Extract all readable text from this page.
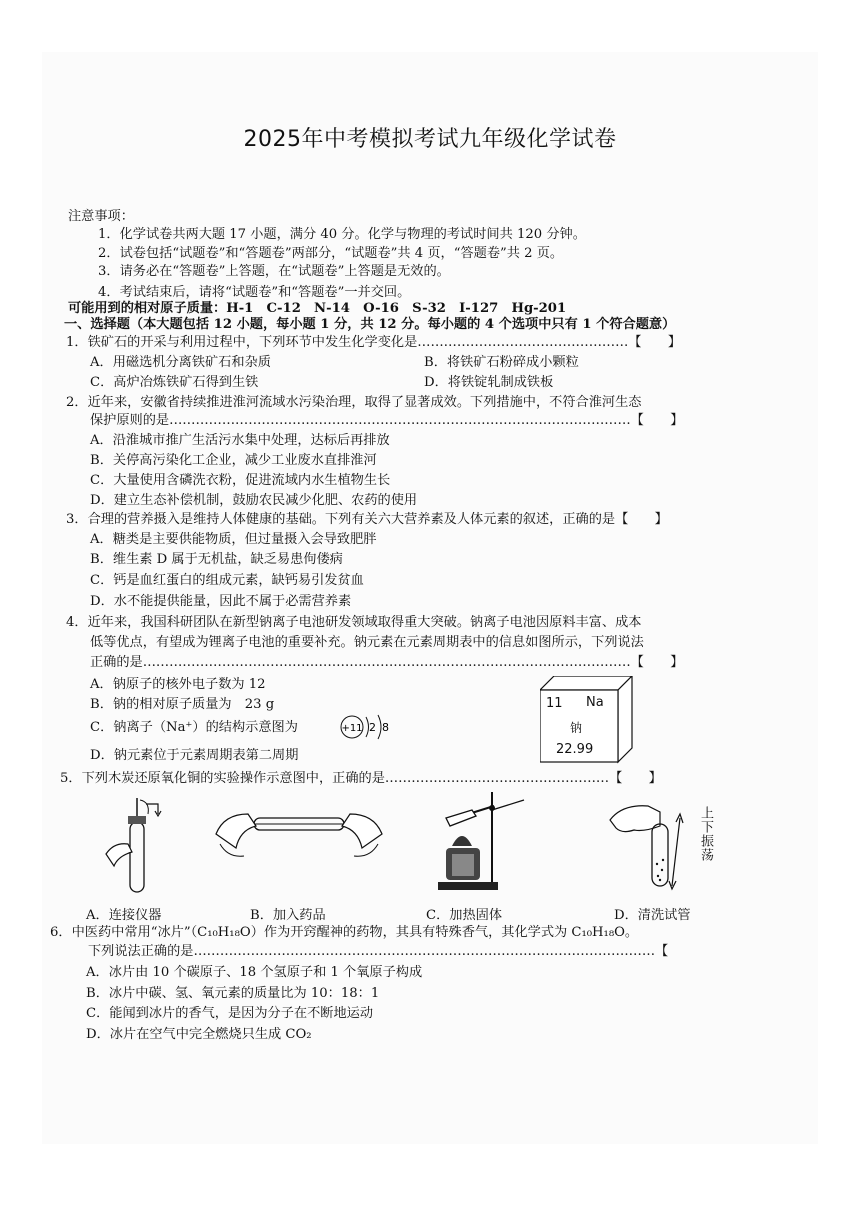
2025年中考模拟考试九年级化学试卷
注意事项：
1．化学试卷共两大题 17 小题，满分 40 分。化学与物理的考试时间共 120 分钟。
2．试卷包括“试题卷”和“答题卷”两部分，“试题卷”共 4 页，“答题卷”共 2 页。
3．请务必在“答题卷”上答题，在“试题卷”上答题是无效的。
4．考试结束后，请将“试题卷”和“答题卷”一并交回。
可能用到的相对原子质量：H-1　C-12　N-14　O-16　S-32　I-127　Hg-201
一、选择题（本大题包括 12 小题，每小题 1 分，共 12 分。每小题的 4 个选项中只有 1 个符合题意）
1．铁矿石的开采与利用过程中，下列环节中发生化学变化是…………………………………………【　　】
A．用磁选机分离铁矿石和杂质	B．将铁矿石粉碎成小颗粒
C．高炉冶炼铁矿石得到生铁	D．将铁锭轧制成铁板
2．近年来，安徽省持续推进淮河流域水污染治理，取得了显著成效。下列措施中，不符合淮河生态
保护原则的是……………………………………………………………………………………………【　　】
A．沿淮城市推广生活污水集中处理，达标后再排放
B．关停高污染化工企业，减少工业废水直排淮河
C．大量使用含磷洗衣粉，促进流域内水生植物生长
D．建立生态补偿机制，鼓励农民减少化肥、农药的使用
3．合理的营养摄入是维持人体健康的基础。下列有关六大营养素及人体元素的叙述，正确的是【　　】
A．糖类是主要供能物质，但过量摄入会导致肥胖
B．维生素 D 属于无机盐，缺乏易患佝偻病
C．钙是血红蛋白的组成元素，缺钙易引发贫血
D．水不能提供能量，因此不属于必需营养素
4．近年来，我国科研团队在新型钠离子电池研发领域取得重大突破。钠离子电池因原料丰富、成本
低等优点，有望成为锂离子电池的重要补充。钠元素在元素周期表中的信息如图所示，下列说法
正确的是…………………………………………………………………………………………………【　　】
A．钠原子的核外电子数为 12
B．钠的相对原子质量为　23 g
C．钠离子（Na⁺）的结构示意图为	+11 2 8
D．钠元素位于元素周期表第二周期
11 Na
钠
22.99
5．下列木炭还原氧化铜的实验操作示意图中，正确的是……………………………………………【　　】
上下振荡
A．连接仪器	B．加入药品	C．加热固体	D．清洗试管
6．中医药中常用“冰片”（C₁₀H₁₈O）作为开窍醒神的药物，其具有特殊香气，其化学式为 C₁₀H₁₈O。
下列说法正确的是……………………………………………………………………………………………【
A．冰片由 10 个碳原子、18 个氢原子和 1 个氧原子构成
B．冰片中碳、氢、氧元素的质量比为 10：18：1
C．能闻到冰片的香气，是因为分子在不断地运动
D．冰片在空气中完全燃烧只生成 CO₂
